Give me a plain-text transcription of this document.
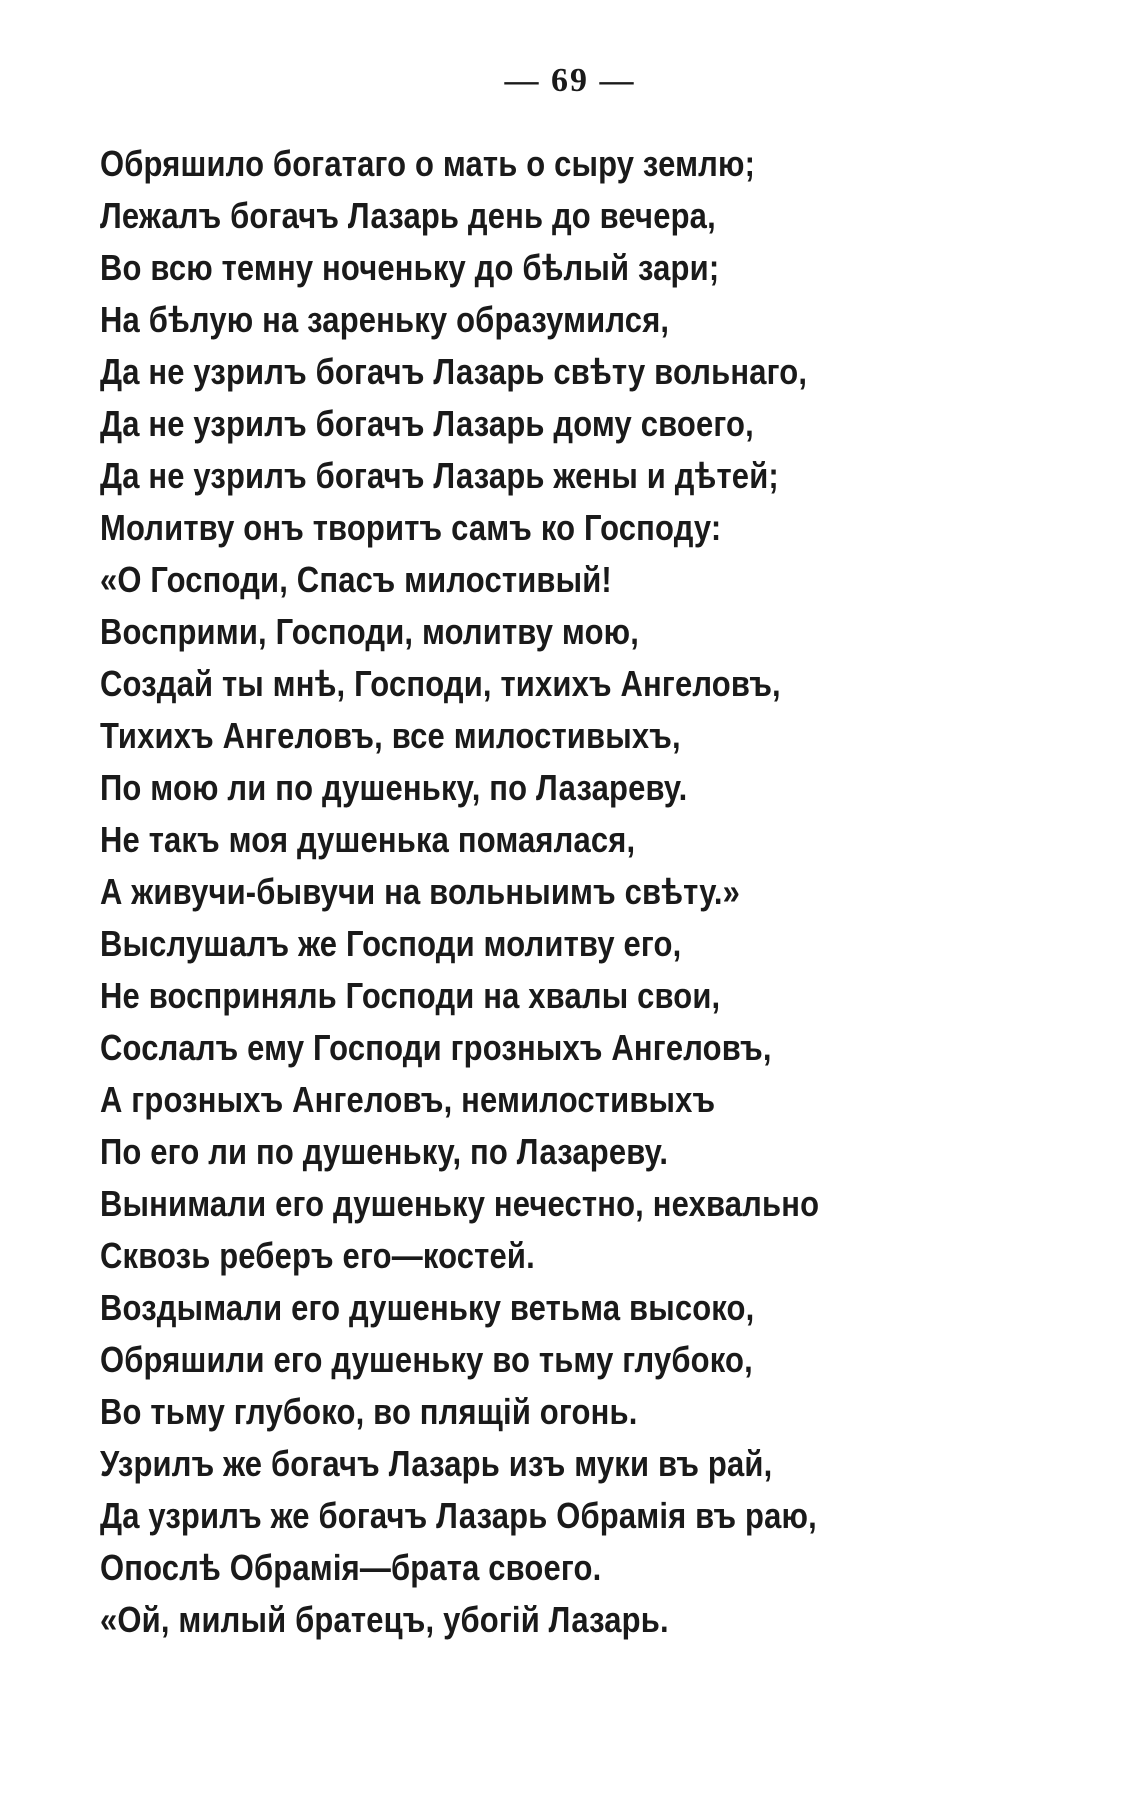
— 69 —
Обряшило богатаго о мать о сыру землю;
Лежалъ богачъ Лазарь день до вечера,
Во всю темну ноченьку до бѣлый зари;
На бѣлую на зареньку образумился,
Да не узрилъ богачъ Лазарь свѣту вольнаго,
Да не узрилъ богачъ Лазарь дому своего,
Да не узрилъ богачъ Лазарь жены и дѣтей;
Молитву онъ творитъ самъ ко Господу:
«О Господи, Спасъ милостивый!
Восприми, Господи, молитву мою,
Создай ты мнѣ, Господи, тихихъ Ангеловъ,
Тихихъ Ангеловъ, все милостивыхъ,
По мою ли по душеньку, по Лазареву.
Не такъ моя душенька помаялася,
А живучи-бывучи на вольныимъ свѣту.»
Выслушалъ же Господи молитву его,
Не восприняль Господи на хвалы свои,
Сослалъ ему Господи грозныхъ Ангеловъ,
А грозныхъ Ангеловъ, немилостивыхъ
По его ли по душеньку, по Лазареву.
Вынимали его душеньку нечестно, нехвально
Сквозь реберъ его—костей.
Воздымали его душеньку ветьма высоко,
Обряшили его душеньку во тьму глубоко,
Во тьму глубоко, во плящій огонь.
Узрилъ же богачъ Лазарь изъ муки въ рай,
Да узрилъ же богачъ Лазарь Обрамія въ раю,
Опослѣ Обрамія—брата своего.
«Ой, милый братецъ, убогій Лазарь.
